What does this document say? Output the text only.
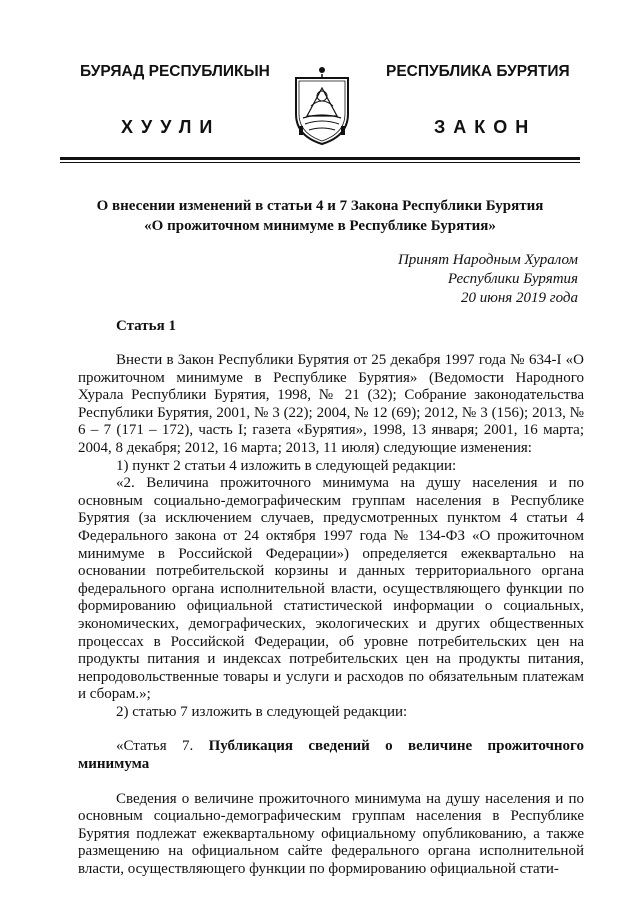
БУРЯАД РЕСПУБЛИКЫН	РЕСПУБЛИКА БУРЯТИЯ
ХУУЛИ	ЗАКОН
О внесении изменений в статьи 4 и 7 Закона Республики Бурятия
«О прожиточном минимуме в Республике Бурятия»
Принят Народным Хуралом
Республики Бурятия
20 июня 2019 года
Статья 1

Внести в Закон Республики Бурятия от 25 декабря 1997 года № 634-I «О прожиточном минимуме в Республике Бурятия» (Ведомости Народного Хурала Республики Бурятия, 1998, № 21 (32); Собрание законодательства Республики Бурятия, 2001, № 3 (22); 2004, № 12 (69); 2012, № 3 (156); 2013, № 6 – 7 (171 – 172), часть I; газета «Бурятия», 1998, 13 января; 2001, 16 марта; 2004, 8 декабря; 2012, 16 марта; 2013, 11 июля) следующие изменения:

1) пункт 2 статьи 4 изложить в следующей редакции:

«2. Величина прожиточного минимума на душу населения и по основным социально-демографическим группам населения в Республике Бурятия (за исключением случаев, предусмотренных пунктом 4 статьи 4 Федерального закона от 24 октября 1997 года № 134-ФЗ «О прожиточном минимуме в Российской Федерации») определяется ежеквартально на основании потребительской корзины и данных территориального органа федерального органа исполнительной власти, осуществляющего функции по формированию официальной статистической информации о социальных, экономических, демографических, экологических и других общественных процессах в Российской Федерации, об уровне потребительских цен на продукты питания и индексах потребительских цен на продукты питания, непродовольственные товары и услуги и расходов по обязательным платежам и сборам.»;

2) статью 7 изложить в следующей редакции:

«Статья 7. Публикация сведений о величине прожиточного минимума

Сведения о величине прожиточного минимума на душу населения и по основным социально-демографическим группам населения в Республике Бурятия подлежат ежеквартальному официальному опубликованию, а также размещению на официальном сайте федерального органа исполнительной власти, осуществляющего функции по формированию официальной стати-
